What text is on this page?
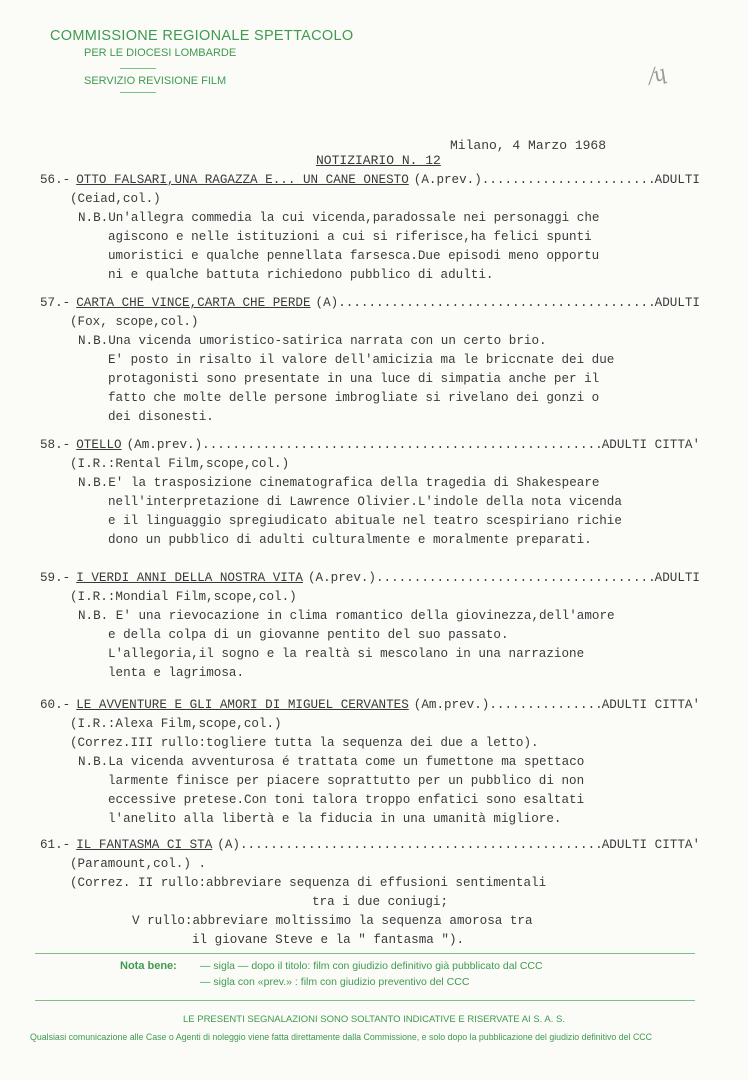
COMMISSIONE REGIONALE SPETTACOLO
PER LE DIOCESI LOMBARDE
SERVIZIO REVISIONE FILM	⁄ɥ
Milano, 4 Marzo 1968
NOTIZIARIO N. 12
56.- OTTO FALSARI,UNA RAGAZZA E... UN CANE ONESTO (A.prev.) .....	ADULTI
(Ceiad,col.)
N.B.Un'allegra commedia la cui vicenda,paradossale nei personaggi che
agiscono e nelle istituzioni a cui si riferisce,ha felici spunti
umoristici e qualche pennellata farsesca.Due episodi meno opportu
ni e qualche battuta richiedono pubblico di adulti.
57.- CARTA CHE VINCE,CARTA CHE PERDE (A) .....	ADULTI
(Fox, scope,col.)
N.B.Una vicenda umoristico-satirica narrata con un certo brio.
E' posto in risalto il valore dell'amicizia ma le briccnate dei due
protagonisti sono presentate in una luce di simpatia anche per il
fatto che molte delle persone imbrogliate si rivelano dei gonzi o
dei disonesti.
58.- OTELLO (Am.prev.) .....	ADULTI CITTA'
(I.R.:Rental Film,scope,col.)
N.B.E' la trasposizione cinematografica della tragedia di Shakespeare
nell'interpretazione di Lawrence Olivier.L'indole della nota vicenda
e il linguaggio spregiudicato abituale nel teatro scespiriano richie
dono un pubblico di adulti culturalmente e moralmente preparati.
59.- I VERDI ANNI DELLA NOSTRA VITA (A.prev.) .....	ADULTI
(I.R.:Mondial Film,scope,col.)
N.B. E' una rievocazione in clima romantico della giovinezza,dell'amore
e della colpa di un giovanne pentito del suo passato.
L'allegoria,il sogno e la realtà si mescolano in una narrazione
lenta e lagrimosa.
60.- LE AVVENTURE E GLI AMORI DI MIGUEL CERVANTES (Am.prev.) .....	ADULTI CITTA'
(I.R.:Alexa Film,scope,col.)
(Correz.III rullo:togliere tutta la sequenza dei due a letto).
N.B.La vicenda avventurosa é trattata come un fumettone ma spettaco
larmente finisce per piacere soprattutto per un pubblico di non
eccessive pretese.Con toni talora troppo enfatici sono esaltati
l'anelito alla libertà e la fiducia in una umanità migliore.
61.- IL FANTASMA CI STA (A) .....	ADULTI CITTA'
(Paramount,col.) .
(Correz. II rullo:abbreviare sequenza di effusioni sentimentali
tra i due coniugi;
V rullo:abbreviare moltissimo la sequenza amorosa tra
il giovane Steve e la " fantasma ").
Nota bene: — sigla — dopo il titolo: film con giudizio definitivo già pubblicato dal CCC
— sigla con «prev.» : film con giudizio preventivo del CCC
LE PRESENTI SEGNALAZIONI SONO SOLTANTO INDICATIVE E RISERVATE AI S. A. S.
Qualsiasi comunicazione alle Case o Agenti di noleggio viene fatta direttamente dalla Commissione, e solo dopo la pubblicazione del giudizio definitivo del CCC
